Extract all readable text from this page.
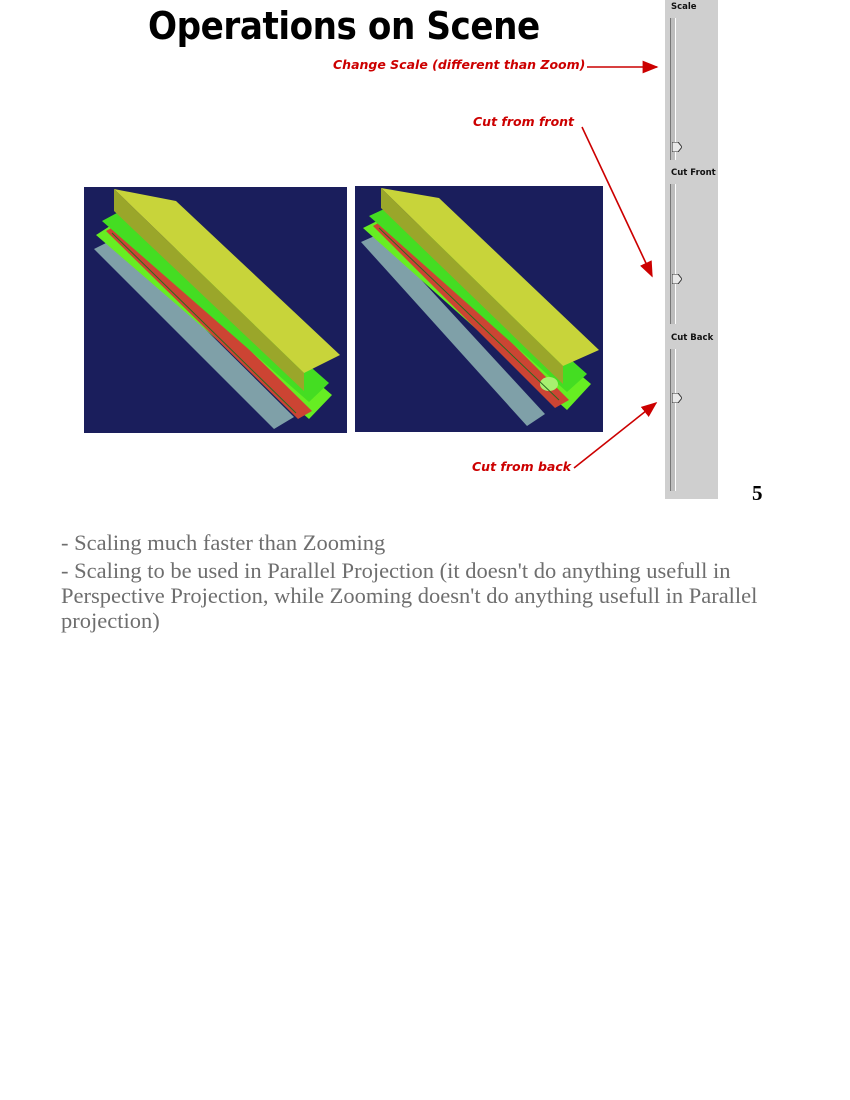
Operations on Scene
Change Scale (different than Zoom)
Cut from front
Cut from back
Scale
Cut Front
Cut Back
5

- Scaling much faster than Zooming

- Scaling to be used in Parallel Projection (it doesn't do anything usefull in Perspective Projection, while Zooming doesn't do anything usefull in Parallel projection)
